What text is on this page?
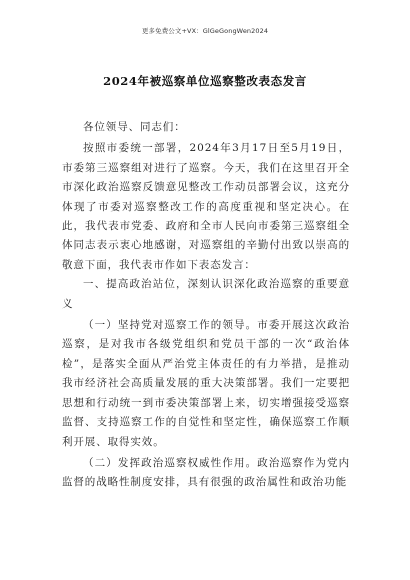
更多免费公文+VX：GlGeGongWen2024
2024年被巡察单位巡察整改表态发言

各位领导、同志们：

按照市委统一部署，2024年3月17日至5月19日，市委第三巡察组对进行了巡察。今天，我们在这里召开全市深化政治巡察反馈意见整改工作动员部署会议，这充分体现了市委对巡察整改工作的高度重视和坚定决心。在此，我代表市党委、政府和全市人民向市委第三巡察组全体同志表示衷心地感谢，对巡察组的辛勤付出致以崇高的敬意下面，我代表市作如下表态发言：

一、提高政治站位，深刻认识深化政治巡察的重要意义

（一）坚持党对巡察工作的领导。市委开展这次政治巡察，是对我市各级党组织和党员干部的一次“政治体检”，是落实全面从严治党主体责任的有力举措，是推动我市经济社会高质量发展的重大决策部署。我们一定要把思想和行动统一到市委决策部署上来，切实增强接受巡察监督、支持巡察工作的自觉性和坚定性，确保巡察工作顺利开展、取得实效。

（二）发挥政治巡察权威性作用。政治巡察作为党内监督的战略性制度安排，具有很强的政治属性和政治功能
